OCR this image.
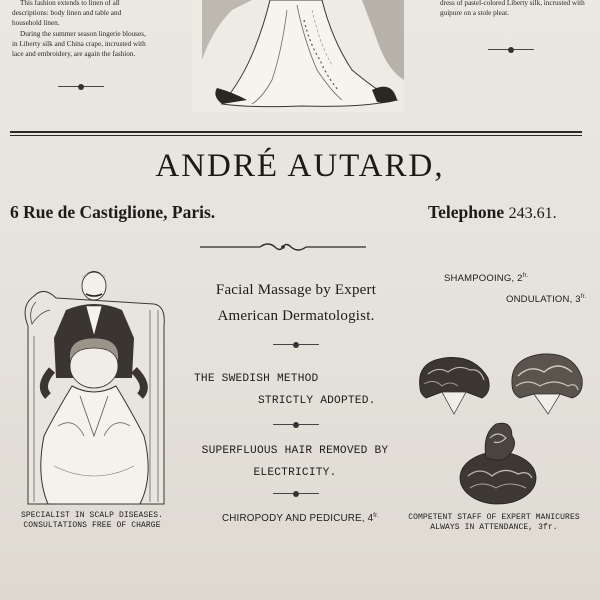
This fashion extends to linen of all descriptions: body linen and table and household linen.

During the summer season lingerie blouses, in Liberty silk and China crape, incrusted with lace and embroidery, are again the fashion.

dress of pastel-colored Liberty silk, incrusted with guipure on a stole pleat.
ANDRÉ AUTARD,
6 Rue de Castiglione, Paris.	Telephone 243.61.
SPECIALIST IN SCALP DISEASES.
CONSULTATIONS FREE OF CHARGE
Facial Massage by Expert
American Dermatologist.
THE SWEDISH METHOD
STRICTLY ADOPTED.
SUPERFLUOUS HAIR REMOVED BY
ELECTRICITY.
CHIROPODY AND PEDICURE, $4^{fr.}$
SHAMPOOING, $2^{fr.}$
ONDULATION, $3^{fr.}$
COMPETENT STAFF OF EXPERT MANICURES
ALWAYS IN ATTENDANCE, 3fr.
